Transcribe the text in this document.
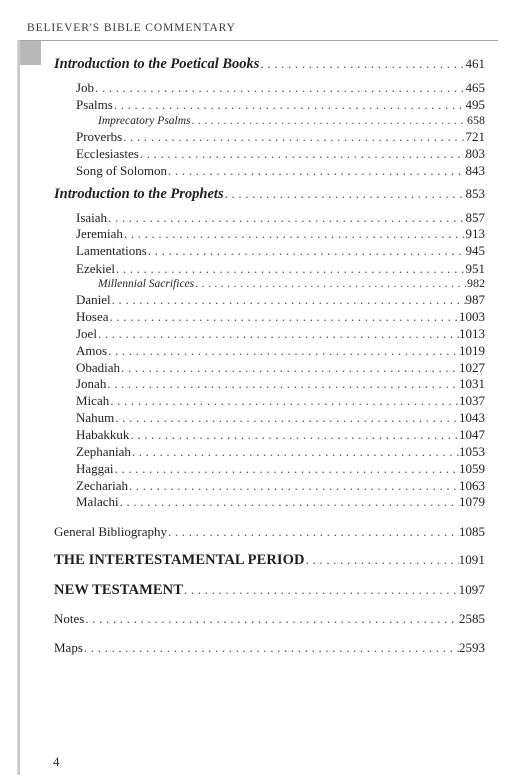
BELIEVER'S BIBLE COMMENTARY
Introduction to the Poetical Books . . .	461
Job . . .	465
Psalms . . .	495
Imprecatory Psalms . . .	658
Proverbs . . .	721
Ecclesiastes . . .	803
Song of Solomon . . .	843
Introduction to the Prophets . . .	853
Isaiah . . .	857
Jeremiah . . .	913
Lamentations . . .	945
Ezekiel . . .	951
Millennial Sacrifices . . .	982
Daniel . . .	987
Hosea . . .	1003
Joel . . .	1013
Amos . . .	1019
Obadiah . . .	1027
Jonah . . .	1031
Micah . . .	1037
Nahum . . .	1043
Habakkuk . . .	1047
Zephaniah . . .	1053
Haggai . . .	1059
Zechariah . . .	1063
Malachi . . .	1079
General Bibliography . . .	1085
THE INTERTESTAMENTAL PERIOD . . .	1091
NEW TESTAMENT . . .	1097
Notes . . .	2585
Maps . . .	2593
4
